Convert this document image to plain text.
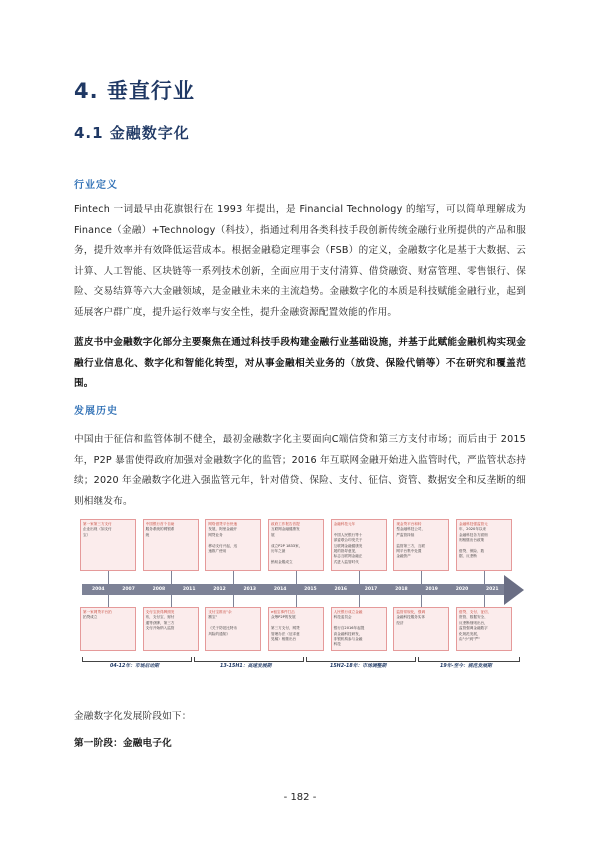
4. 垂直行业
4.1 金融数字化
行业定义
Fintech 一词最早由花旗银行在 1993 年提出，是 Financial Technology 的缩写，可以简单理解成为 Finance（金融）+Technology（科技），指通过利用各类科技手段创新传统金融行业所提供的产品和服务，提升效率并有效降低运营成本。根据金融稳定理事会（FSB）的定义，金融数字化是基于大数据、云计算、人工智能、区块链等一系列技术创新，全面应用于支付清算、借贷融资、财富管理、零售银行、保险、交易结算等六大金融领域，是金融业未来的主流趋势。金融数字化的本质是科技赋能金融行业，起到延展客户群广度，提升运行效率与安全性，提升金融资源配置效能的作用。
蓝皮书中金融数字化部分主要聚焦在通过科技手段构建金融行业基础设施，并基于此赋能金融机构实现金融行业信息化、数字化和智能化转型，对从事金融相关业务的（放贷、保险代销等）不在研究和覆盖范围。
发展历史
中国由于征信和监管体制不健全，最初金融数字化主要面向C端信贷和第三方支付市场；而后由于 2015 年，P2P 暴雷使得政府加强对金融数字化的监管；2016 年互联网金融开始进入监管时代，严监管状态持续；2020 年金融数字化进入强监管元年，针对借贷、保险、支付、征信、资管、数据安全和反垄断的细则相继发布。
第一家第三方支付
企业出现（如支付
宝）
中国银行首个自助
服务系统的网银系
统
网络借贷平台快速
发展，阿里金融开
网贷业务

移动支付兴起，迅
速推广使用
政府工作报告首提
互联网金融健康发
展

成立P2P 1833家，
历年之最

蚂蚁金服成立
金融科技元年

中国人民银行等十
部委联合印发关于
互联网金融健康发
展的指导意见，
标志互联网金融正
式进入监管时代
现金贷平台和转
型金融科技公司，
严监管持续

监管第三方，互联
网平台集中处置
金融资产
金融科技强监管元
年，2020年以来
金融科技各方面细
则相继出台政策

借贷、保险、数
据、反垄断
2004	2007	2008	2011	2012	2013	2014	2015	2016	2017	2018	2019	2020	2021
第一家网贷平台拍
拍贷成立
支付宝获得牌照发
布，支付宝、财付
通等获牌，第三方
支付开始纳入监管
支付宝推出"余
额宝"

《关于防范比特币
风险的通知》
e租宝事件打击
众筹P2P的发展

第三方支付，网贷
管理办法（征求意
见稿）相继出台
人民银行成立金融
科技委员会

银行自2016年起提
高金融科技研发，
非银机构参与金融
科技
监管常规化，强调
金融科技服务实体
经济
借贷、支付、征信、
资管、数据安全、
反垄断细则出台，
监管强调金融数字
化规范发展，
由"小"到"严"
04-12年：市场启动期	13-15H1：高速发展期	15H2-18年：市场调整期	19年-至今：规范发展期
金融数字化发展阶段如下：
第一阶段：金融电子化
- 182 -
